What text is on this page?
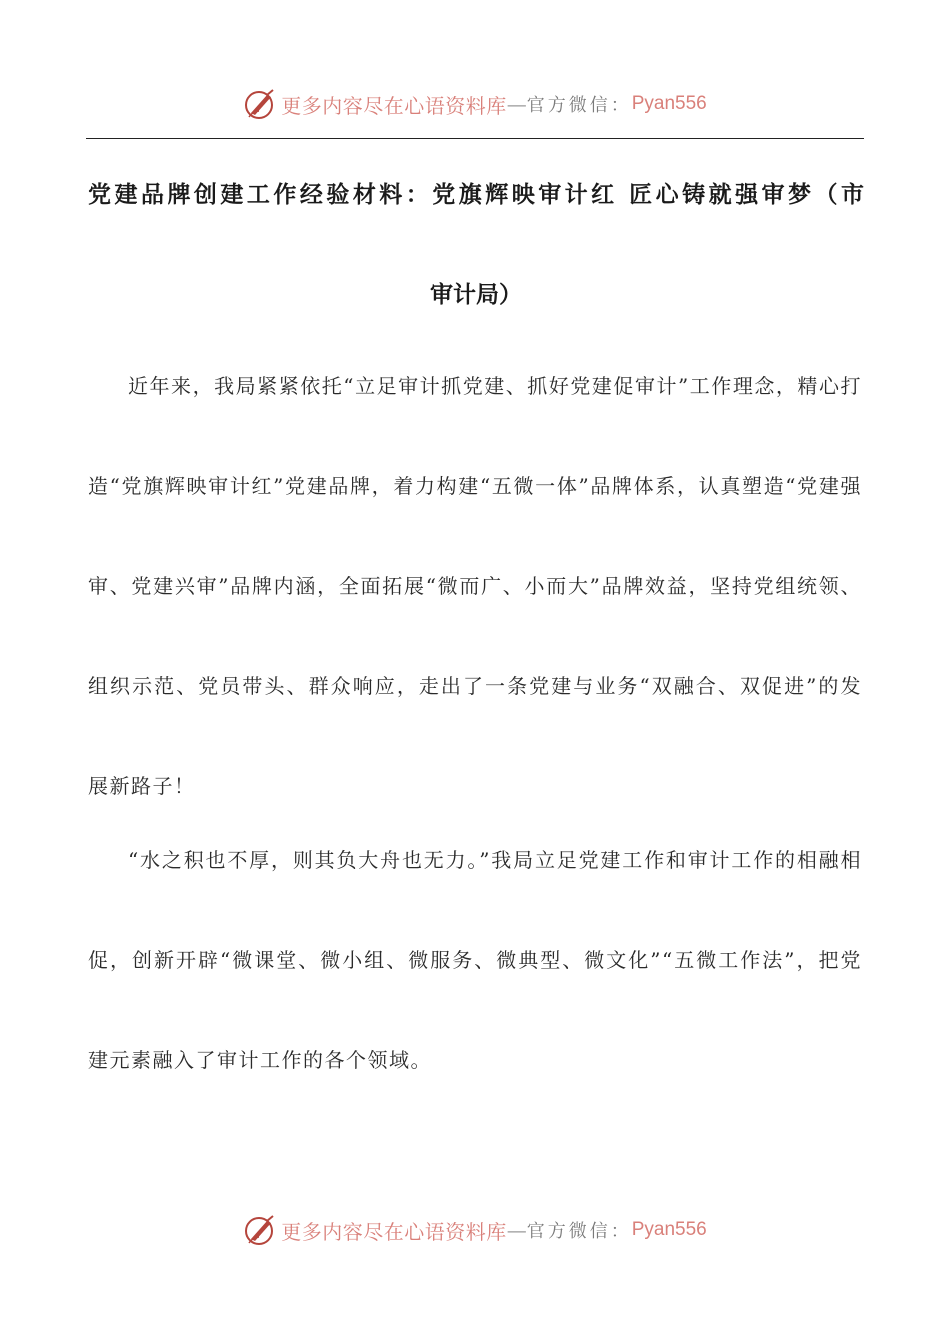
更多内容尽在心语资料库 — 官方微信： Pyan556
党建品牌创建工作经验材料：党旗辉映审计红 匠心铸就强审梦（市
审计局）

近年来，我局紧紧依托“立足审计抓党建、抓好党建促审计”工作理念，精心打造“党旗辉映审计红”党建品牌，着力构建“五微一体”品牌体系，认真塑造“党建强审、党建兴审”品牌内涵，全面拓展“微而广、小而大”品牌效益，坚持党组统领、组织示范、党员带头、群众响应，走出了一条党建与业务“双融合、双促进”的发展新路子！

“水之积也不厚，则其负大舟也无力。”我局立足党建工作和审计工作的相融相促，创新开辟“微课堂、微小组、微服务、微典型、微文化”“五微工作法”，把党建元素融入了审计工作的各个领域。

更多内容尽在心语资料库 — 官方微信： Pyan556
